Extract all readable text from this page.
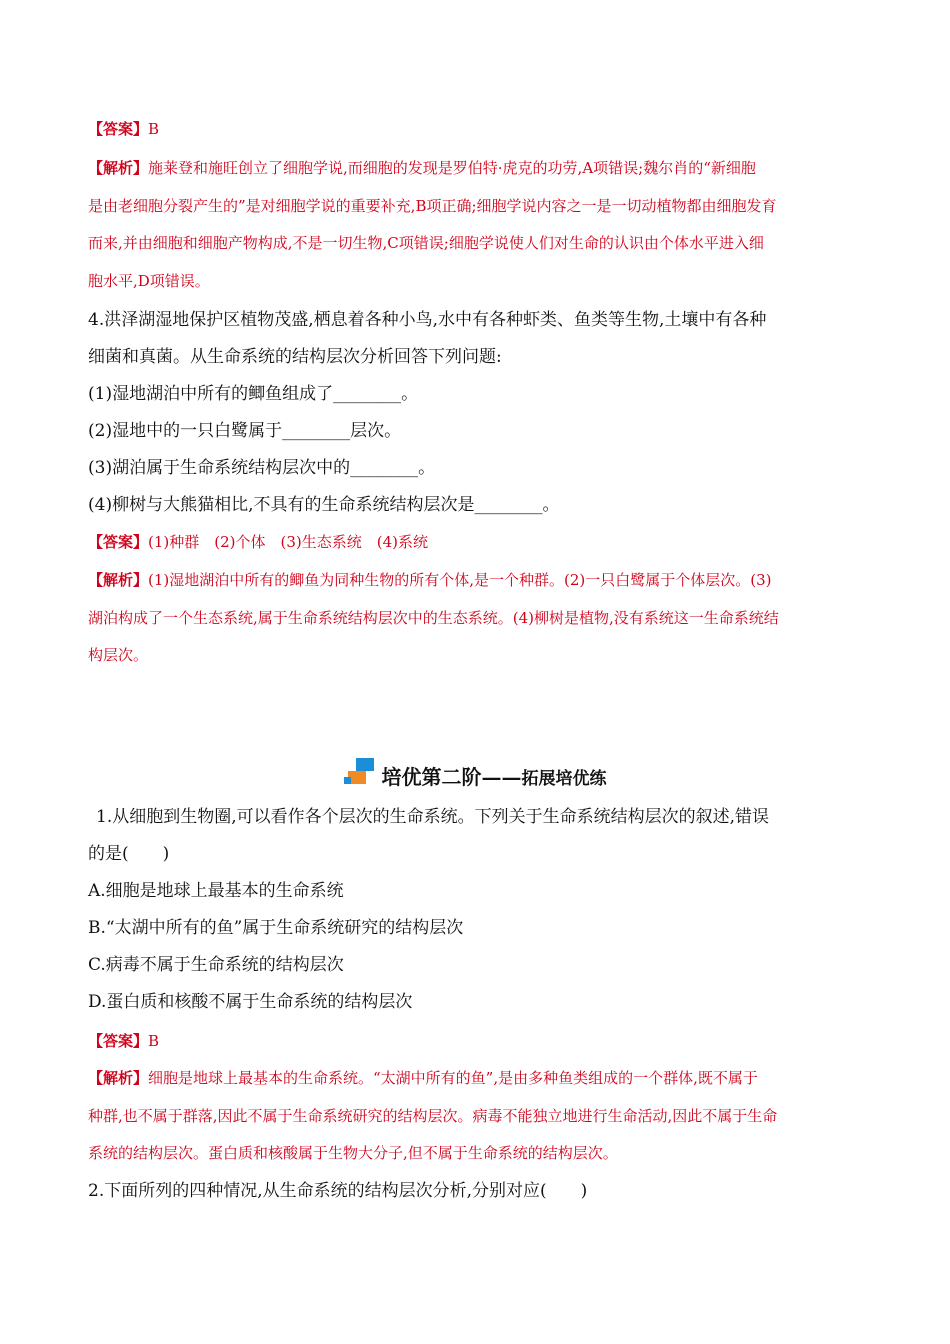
【答案】B
【解析】施莱登和施旺创立了细胞学说,而细胞的发现是罗伯特·虎克的功劳,A项错误;魏尔肖的“新细胞
是由老细胞分裂产生的”是对细胞学说的重要补充,B项正确;细胞学说内容之一是一切动植物都由细胞发育
而来,并由细胞和细胞产物构成,不是一切生物,C项错误;细胞学说使人们对生命的认识由个体水平进入细
胞水平,D项错误。
4.洪泽湖湿地保护区植物茂盛,栖息着各种小鸟,水中有各种虾类、鱼类等生物,土壤中有各种
细菌和真菌。从生命系统的结构层次分析回答下列问题:
(1)湿地湖泊中所有的鲫鱼组成了________。
(2)湿地中的一只白鹭属于________层次。
(3)湖泊属于生命系统结构层次中的________。
(4)柳树与大熊猫相比,不具有的生命系统结构层次是________。
【答案】(1)种群　(2)个体　(3)生态系统　(4)系统
【解析】(1)湿地湖泊中所有的鲫鱼为同种生物的所有个体,是一个种群。(2)一只白鹭属于个体层次。(3)
湖泊构成了一个生态系统,属于生命系统结构层次中的生态系统。(4)柳树是植物,没有系统这一生命系统结
构层次。
培优第二阶——拓展培优练
1.从细胞到生物圈,可以看作各个层次的生命系统。下列关于生命系统结构层次的叙述,错误
的是(　　)
A.细胞是地球上最基本的生命系统
B.“太湖中所有的鱼”属于生命系统研究的结构层次
C.病毒不属于生命系统的结构层次
D.蛋白质和核酸不属于生命系统的结构层次
【答案】B
【解析】细胞是地球上最基本的生命系统。“太湖中所有的鱼”,是由多种鱼类组成的一个群体,既不属于
种群,也不属于群落,因此不属于生命系统研究的结构层次。病毒不能独立地进行生命活动,因此不属于生命
系统的结构层次。蛋白质和核酸属于生物大分子,但不属于生命系统的结构层次。
2.下面所列的四种情况,从生命系统的结构层次分析,分别对应(　　)
